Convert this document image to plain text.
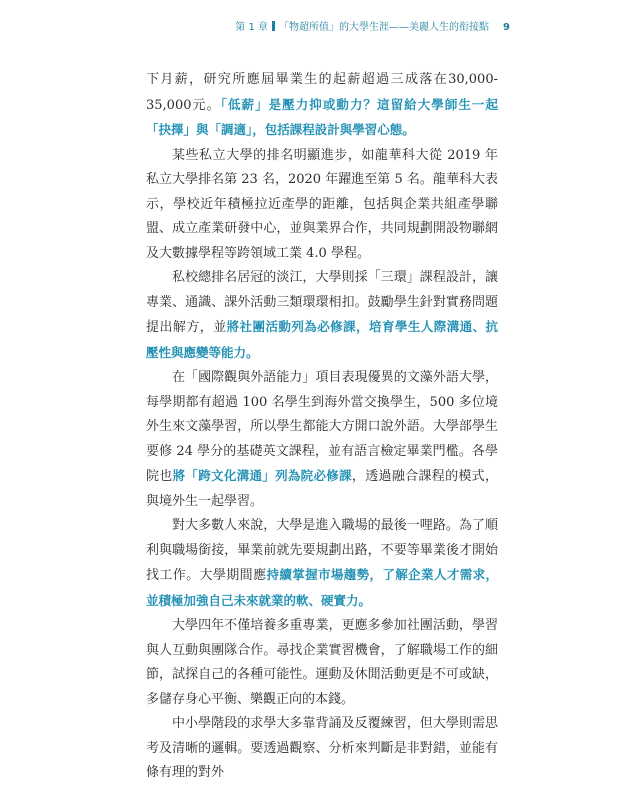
第 1 章 「物超所值」的大學生涯——美麗人生的衔接點 9

下月薪，研究所應屆畢業生的起薪超過三成落在30,000-35,000元。「低薪」是壓力抑或動力？這留給大學師生一起「抉擇」與「調適」，包括課程設計與學習心態。

某些私立大學的排名明顯進步，如龍華科大從 2019 年私立大學排名第 23 名，2020 年躍進至第 5 名。龍華科大表示，學校近年積極拉近產學的距離，包括與企業共組產學聯盟、成立產業研發中心，並與業界合作，共同規劃開設物聯網及大數據學程等跨領域工業 4.0 學程。

私校總排名居冠的淡江，大學則採「三環」課程設計，讓專業、通識、課外活動三類環環相扣。鼓勵學生針對實務問題提出解方，並將社團活動列為必修課，培育學生人際溝通、抗壓性與應變等能力。

在「國際觀與外語能力」項目表現優異的文藻外語大學，每學期都有超過 100 名學生到海外當交換學生，500 多位境外生來文藻學習，所以學生都能大方開口說外語。大學部學生要修 24 學分的基礎英文課程，並有語言檢定畢業門檻。各學院也將「跨文化溝通」列為院必修課，透過融合課程的模式，與境外生一起學習。

對大多數人來說，大學是進入職場的最後一哩路。為了順利與職場銜接，畢業前就先要規劃出路，不要等畢業後才開始找工作。大學期間應持續掌握市場趨勢，了解企業人才需求，並積極加強自己未來就業的軟、硬實力。

大學四年不僅培養多重專業，更應多參加社團活動，學習與人互動與團隊合作。尋找企業實習機會，了解職場工作的細節，試探自己的各種可能性。運動及休閒活動更是不可或缺，多儲存身心平衡、樂觀正向的本錢。

中小學階段的求學大多靠背誦及反覆練習，但大學則需思考及清晰的邏輯。要透過觀察、分析來判斷是非對錯，並能有條有理的對外
